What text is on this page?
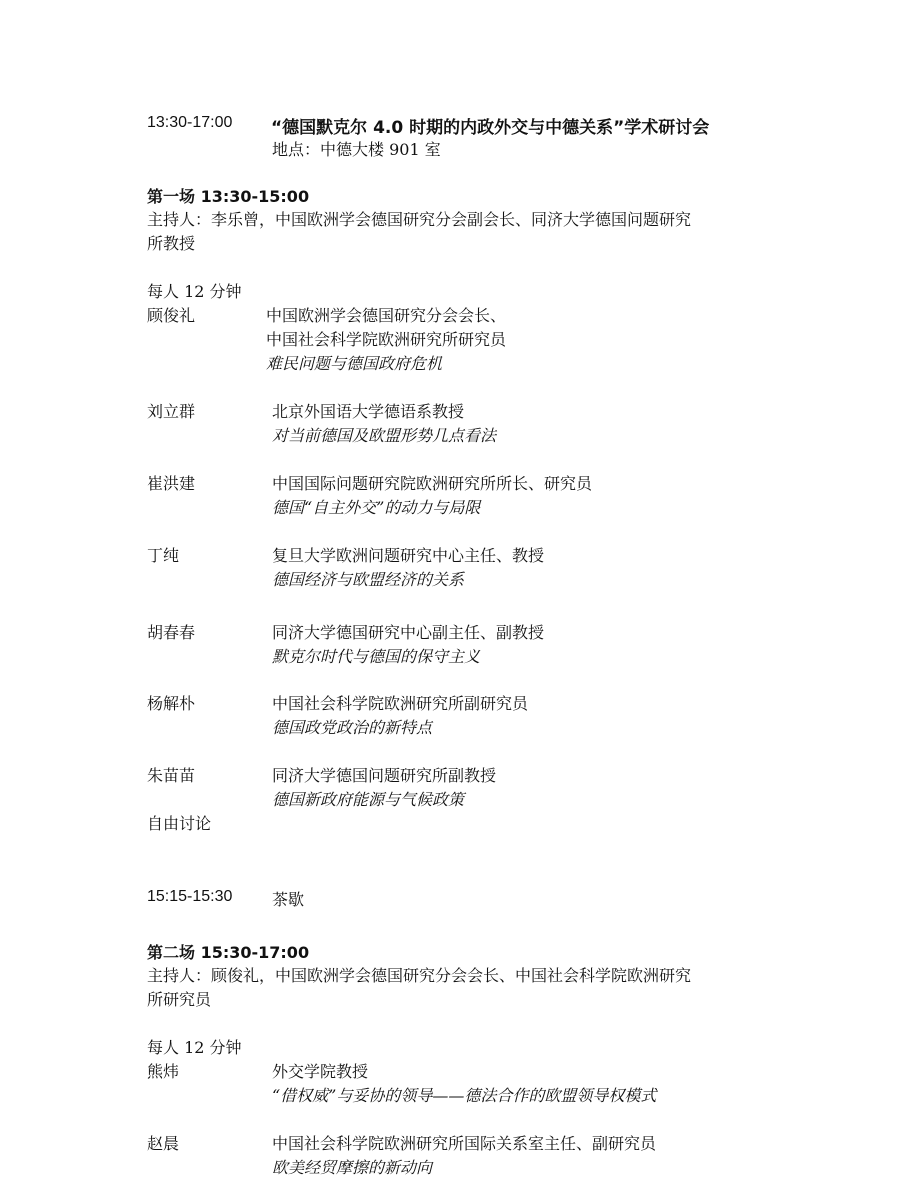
13:30-17:00 “德国默克尔 4.0 时期的内政外交与中德关系”学术研讨会
地点：中德大楼 901 室
第一场 13:30-15:00
主持人：李乐曾，中国欧洲学会德国研究分会副会长、同济大学德国问题研究
所教授
每人 12 分钟
顾俊礼	中国欧洲学会德国研究分会会长、
中国社会科学院欧洲研究所研究员
难民问题与德国政府危机
刘立群	北京外国语大学德语系教授
对当前德国及欧盟形势几点看法
崔洪建	中国国际问题研究院欧洲研究所所长、研究员
德国“自主外交”的动力与局限
丁纯	复旦大学欧洲问题研究中心主任、教授
德国经济与欧盟经济的关系
胡春春	同济大学德国研究中心副主任、副教授
默克尔时代与德国的保守主义
杨解朴	中国社会科学院欧洲研究所副研究员
德国政党政治的新特点
朱苗苗	同济大学德国问题研究所副教授
德国新政府能源与气候政策
自由讨论
15:15-15:30 茶歇
第二场 15:30-17:00
主持人：顾俊礼，中国欧洲学会德国研究分会会长、中国社会科学院欧洲研究
所研究员
每人 12 分钟
熊炜	外交学院教授
“借权威”与妥协的领导——德法合作的欧盟领导权模式
赵晨	中国社会科学院欧洲研究所国际关系室主任、副研究员
欧美经贸摩擦的新动向
